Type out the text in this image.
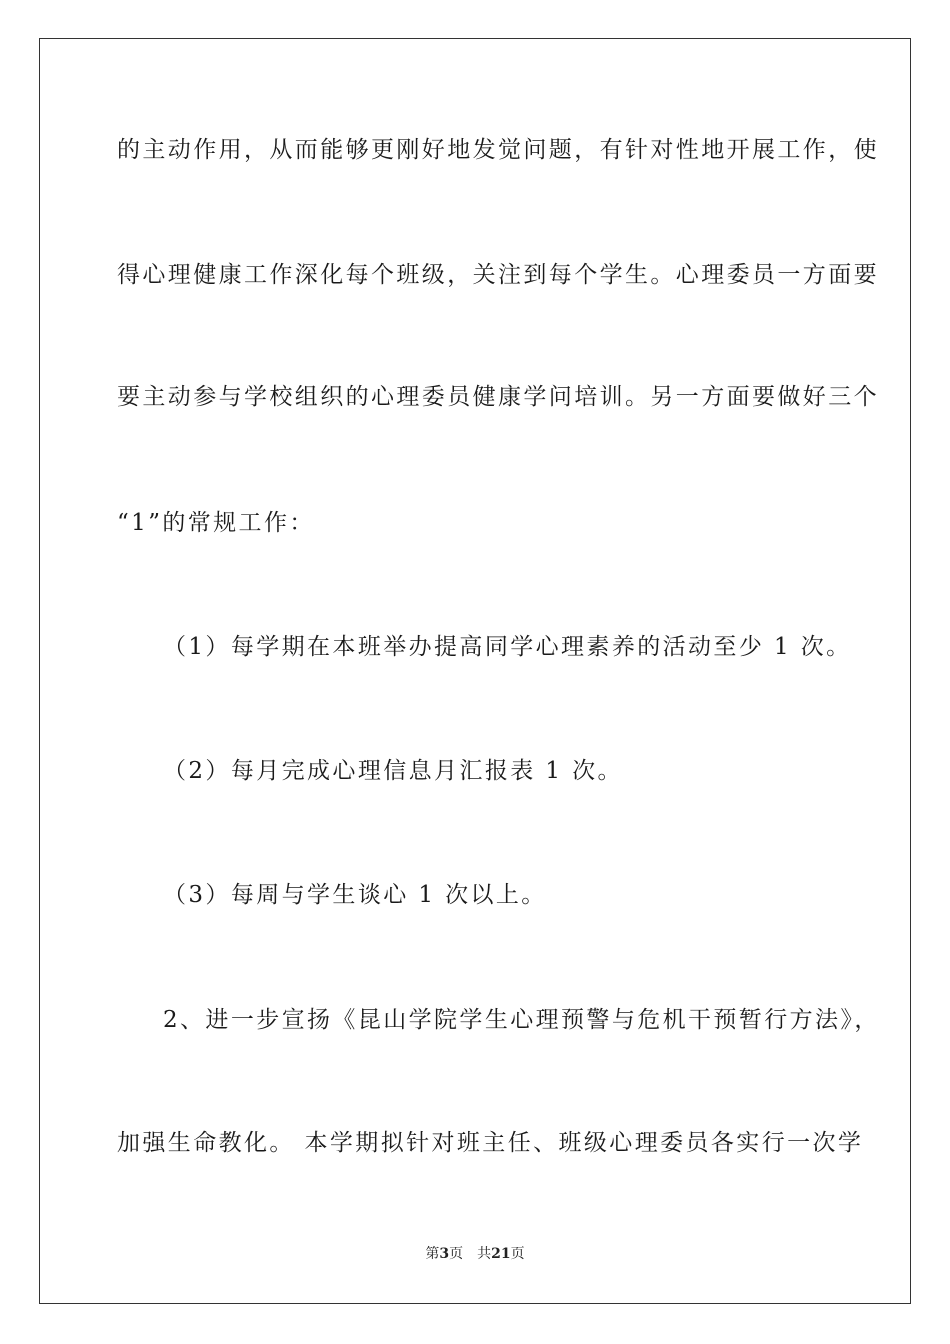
的主动作用，从而能够更刚好地发觉问题，有针对性地开展工作，使
得心理健康工作深化每个班级，关注到每个学生。心理委员一方面要
要主动参与学校组织的心理委员健康学问培训。另一方面要做好三个
“1”的常规工作：
（1）每学期在本班举办提高同学心理素养的活动至少 1 次。
（2）每月完成心理信息月汇报表 1 次。
（3）每周与学生谈心 1 次以上。
2、进一步宣扬《昆山学院学生心理预警与危机干预暂行方法》，
加强生命教化。 本学期拟针对班主任、班级心理委员各实行一次学
第3页 共21页
